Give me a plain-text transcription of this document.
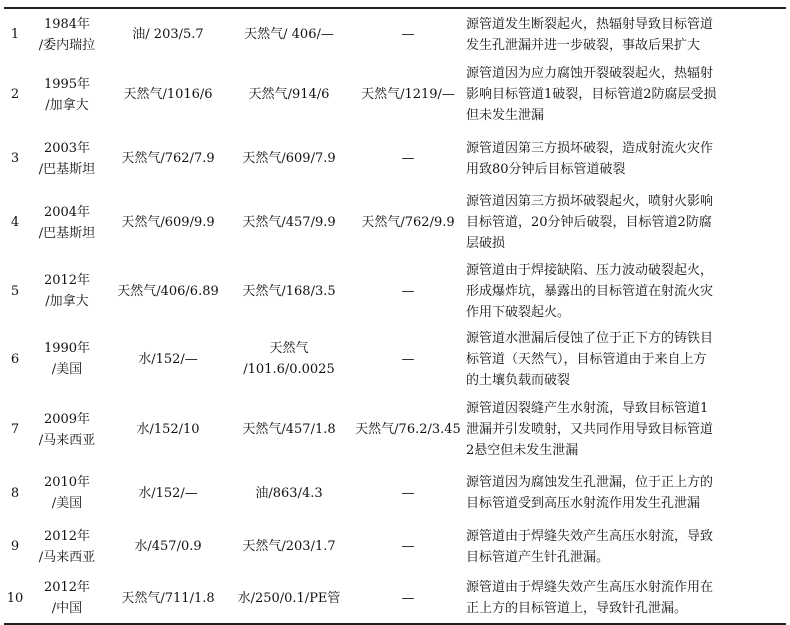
1	1984年
/委内瑞拉	油/ 203/5.7	天然气/ 406/—	—	源管道发生断裂起火，热辐射导致目标管道
发生孔泄漏并进一步破裂，事故后果扩大

2	1995年
/加拿大	天然气/1016/6	天然气/914/6	天然气/1219/—	源管道因为应力腐蚀开裂破裂起火，热辐射
影响目标管道1破裂，目标管道2防腐层受损
但未发生泄漏

3	2003年
/巴基斯坦	天然气/762/7.9	天然气/609/7.9	—	源管道因第三方损坏破裂，造成射流火灾作
用致80分钟后目标管道破裂

4	2004年
/巴基斯坦	天然气/609/9.9	天然气/457/9.9	天然气/762/9.9	源管道因第三方损坏破裂起火，喷射火影响
目标管道，20分钟后破裂，目标管道2防腐
层破损

5	2012年
/加拿大	天然气/406/6.89	天然气/168/3.5	—	源管道由于焊接缺陷、压力波动破裂起火，
形成爆炸坑，暴露出的目标管道在射流火灾
作用下破裂起火。

6	1990年
/美国	水/152/—	天然气
/101.6/0.0025	—	源管道水泄漏后侵蚀了位于正下方的铸铁目
标管道（天然气），目标管道由于来自上方
的土壤负载而破裂

7	2009年
/马来西亚	水/152/10	天然气/457/1.8	天然气/76.2/3.45	源管道因裂缝产生水射流，导致目标管道1
泄漏并引发喷射，又共同作用导致目标管道
2悬空但未发生泄漏

8	2010年
/美国	水/152/—	油/863/4.3	—	源管道因为腐蚀发生孔泄漏，位于正上方的
目标管道受到高压水射流作用发生孔泄漏

9	2012年
/马来西亚	水/457/0.9	天然气/203/1.7	—	源管道由于焊缝失效产生高压水射流，导致
目标管道产生针孔泄漏。

10	2012年
/中国	天然气/711/1.8	水/250/0.1/PE管	—	源管道由于焊缝失效产生高压水射流作用在
正上方的目标管道上，导致针孔泄漏。
